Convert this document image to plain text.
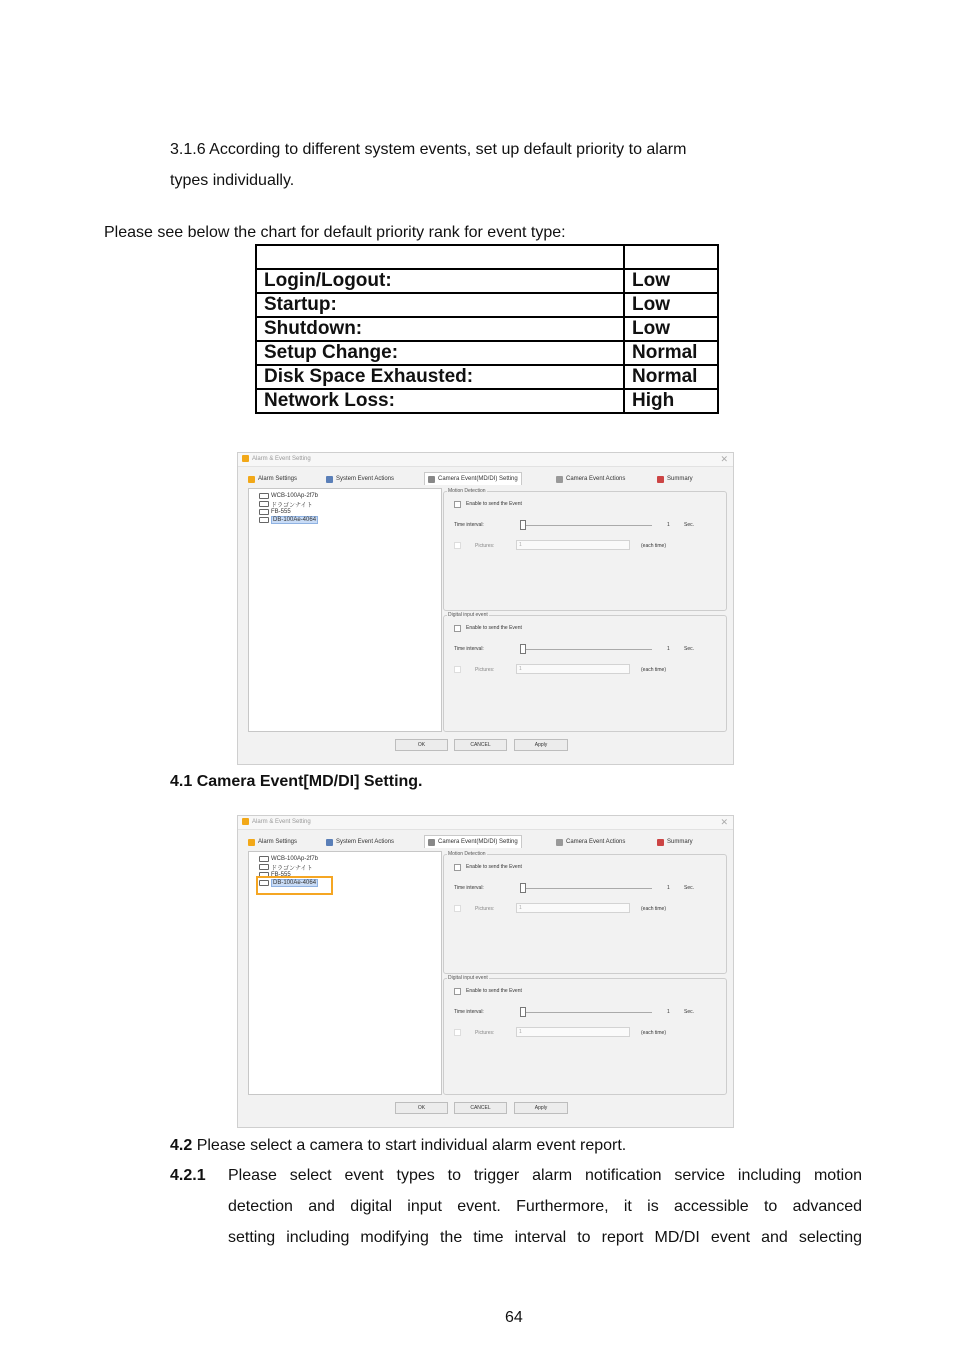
3.1.6 According to different system events, set up default priority to alarm
types individually.
Please see below the chart for default priority rank for event type:

Login/Logout:	Low
Startup:	Low
Shutdown:	Low
Setup Change:	Normal
Disk Space Exhausted:	Normal
Network Loss:	High
Alarm & Event Setting	✕
Alarm Settings	System Event Actions	Camera Event(MD/DI) Setting	Camera Event Actions	Summary
WCB-100Ap-2f7b
ドラゴンナイト
FB-555
DB-100Ae-4064
Motion Detection
Enable to send the Event
Time interval:	1	Sec.
Pictures:	1	(each time)
Digital input event
Enable to send the Event
Time interval:	1	Sec.
Pictures:	1	(each time)
OK	CANCEL	Apply
4.1 Camera Event[MD/DI] Setting.
Alarm & Event Setting	✕
Alarm Settings	System Event Actions	Camera Event(MD/DI) Setting	Camera Event Actions	Summary
WCB-100Ap-2f7b
ドラゴンナイト
FB-555
DB-100Ae-4064
Motion Detection
Enable to send the Event
Time interval:	1	Sec.
Pictures:	1	(each time)
Digital input event
Enable to send the Event
Time interval:	1	Sec.
Pictures:	1	(each time)
OK	CANCEL	Apply
4.2 Please select a camera to start individual alarm event report.
4.2.1 Please select event types to trigger alarm notification service including motion
detection and digital input event. Furthermore, it is accessible to advanced
setting including modifying the time interval to report MD/DI event and selecting
64
